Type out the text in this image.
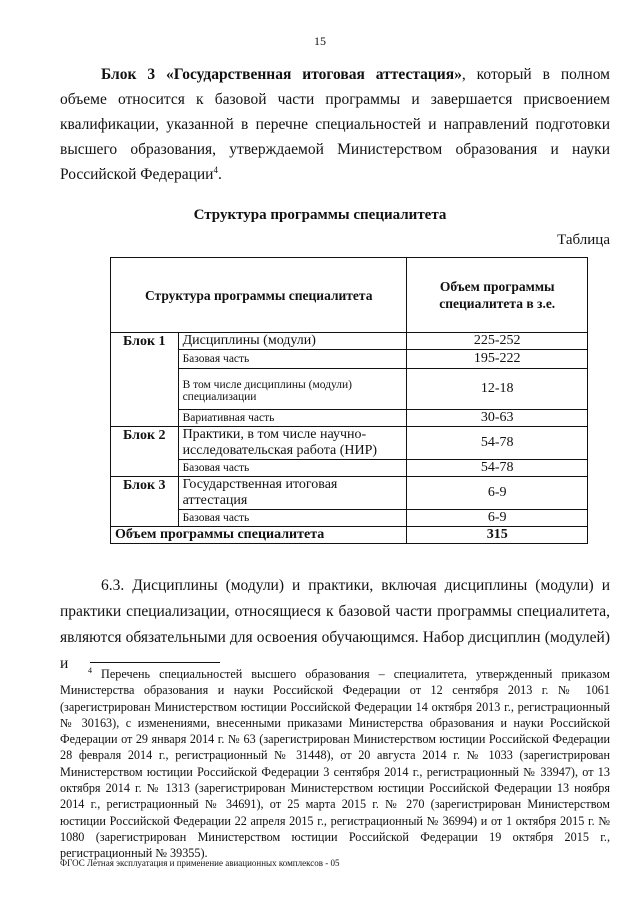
15
Блок 3 «Государственная итоговая аттестация», который в полном объеме относится к базовой части программы и завершается присвоением квалификации, указанной в перечне специальностей и направлений подготовки высшего образования, утверждаемой Министерством образования и науки Российской Федерации$^4$.
Структура программы специалитета
Таблица
Структура программы специалитета		Объем программы специалитета в з.е.
Блок 1	Дисциплины (модули)	225-252
	Базовая часть	195-222
	В том числе дисциплины (модули) специализации	12-18
	Вариативная часть	30-63
Блок 2	Практики, в том числе научно-исследовательская работа (НИР)	54-78
	Базовая часть	54-78
Блок 3	Государственная итоговая аттестация	6-9
	Базовая часть	6-9
Объем программы специалитета		315
6.3. Дисциплины (модули) и практики, включая дисциплины (модули) и практики специализации, относящиеся к базовой части программы специалитета, являются обязательными для освоения обучающимся. Набор дисциплин (модулей) и	$^4$ Перечень специальностей высшего образования – специалитета, утвержденный приказом Министерства образования и науки Российской Федерации от 12 сентября 2013 г. № 1061 (зарегистрирован Министерством юстиции Российской Федерации 14 октября 2013 г., регистрационный № 30163), с изменениями, внесенными приказами Министерства образования и науки Российской Федерации от 29 января 2014 г. № 63 (зарегистрирован Министерством юстиции Российской Федерации 28 февраля 2014 г., регистрационный № 31448), от 20 августа 2014 г. № 1033 (зарегистрирован Министерством юстиции Российской Федерации 3 сентября 2014 г., регистрационный № 33947), от 13 октября 2014 г. № 1313 (зарегистрирован Министерством юстиции Российской Федерации 13 ноября 2014 г., регистрационный № 34691), от 25 марта 2015 г. № 270 (зарегистрирован Министерством юстиции Российской Федерации 22 апреля 2015 г., регистрационный № 36994) и от 1 октября 2015 г. № 1080 (зарегистрирован Министерством юстиции Российской Федерации 19 октября 2015 г., регистрационный № 39355).
ФГОС Летная эксплуатация и применение авиационных комплексов - 05
